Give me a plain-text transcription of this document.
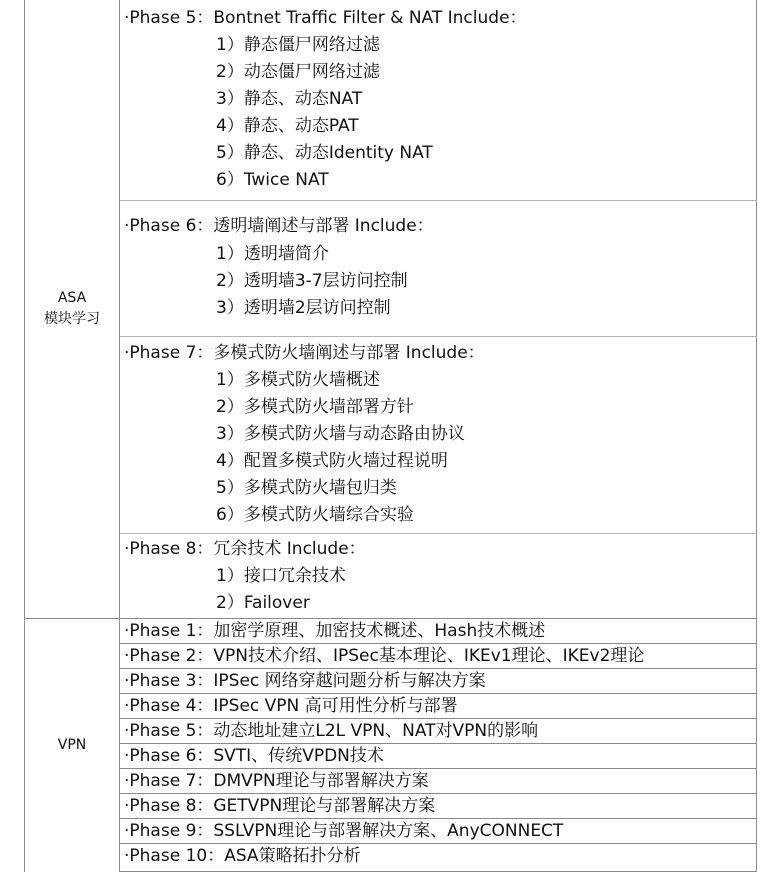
ASA
模块学习
·Phase 5：Bontnet Traffic Filter & NAT Include：
1）静态僵尸网络过滤
2）动态僵尸网络过滤
3）静态、动态NAT
4）静态、动态PAT
5）静态、动态Identity NAT
6）Twice NAT
·Phase 6：透明墙阐述与部署 Include：
1）透明墙简介
2）透明墙3-7层访问控制
3）透明墙2层访问控制
·Phase 7：多模式防火墙阐述与部署 Include：
1）多模式防火墙概述
2）多模式防火墙部署方针
3）多模式防火墙与动态路由协议
4）配置多模式防火墙过程说明
5）多模式防火墙包归类
6）多模式防火墙综合实验
·Phase 8：冗余技术 Include：
1）接口冗余技术
2）Failover
VPN
·Phase 1：加密学原理、加密技术概述、Hash技术概述
·Phase 2：VPN技术介绍、IPSec基本理论、IKEv1理论、IKEv2理论
·Phase 3：IPSec 网络穿越问题分析与解决方案
·Phase 4：IPSec VPN 高可用性分析与部署
·Phase 5：动态地址建立L2L VPN、NAT对VPN的影响
·Phase 6：SVTI、传统VPDN技术
·Phase 7：DMVPN理论与部署解决方案
·Phase 8：GETVPN理论与部署解决方案
·Phase 9：SSLVPN理论与部署解决方案、AnyCONNECT
·Phase 10：ASA策略拓扑分析
